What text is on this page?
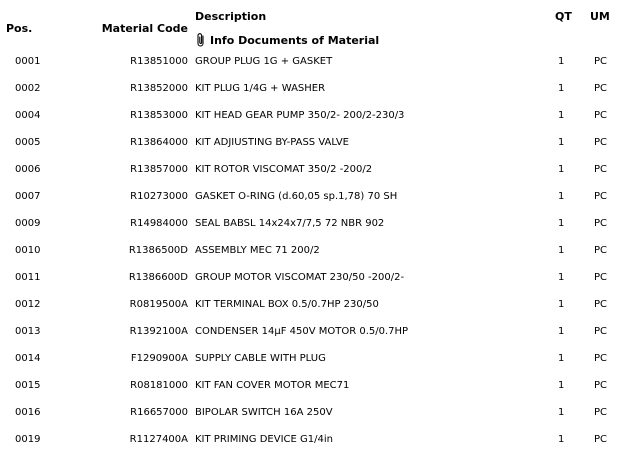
Pos.	Material Code
Description
Info Documents of Material
QT UM
0001	R13851000 GROUP PLUG 1G + GASKET	1	PC
0002	R13852000 KIT PLUG 1/4G + WASHER	1	PC
0004	R13853000 KIT HEAD GEAR PUMP 350/2- 200/2-230/3	1	PC
0005	R13864000 KIT ADJIUSTING BY-PASS VALVE	1	PC
0006	R13857000 KIT ROTOR VISCOMAT 350/2 -200/2	1	PC
0007	R10273000 GASKET O-RING (d.60,05 sp.1,78) 70 SH	1	PC
0009	R14984000 SEAL BABSL 14x24x7/7,5 72 NBR 902	1	PC
0010	R1386500D ASSEMBLY MEC 71 200/2	1	PC
0011	R1386600D GROUP MOTOR VISCOMAT 230/50 -200/2-	1	PC
0012	R0819500A KIT TERMINAL BOX 0.5/0.7HP 230/50	1	PC
0013	R1392100A CONDENSER 14µF 450V MOTOR 0.5/0.7HP	1	PC
0014	F1290900A SUPPLY CABLE WITH PLUG	1	PC
0015	R08181000 KIT FAN COVER MOTOR MEC71	1	PC
0016	R16657000 BIPOLAR SWITCH 16A 250V	1	PC
0019	R1127400A KIT PRIMING DEVICE G1/4in	1	PC
